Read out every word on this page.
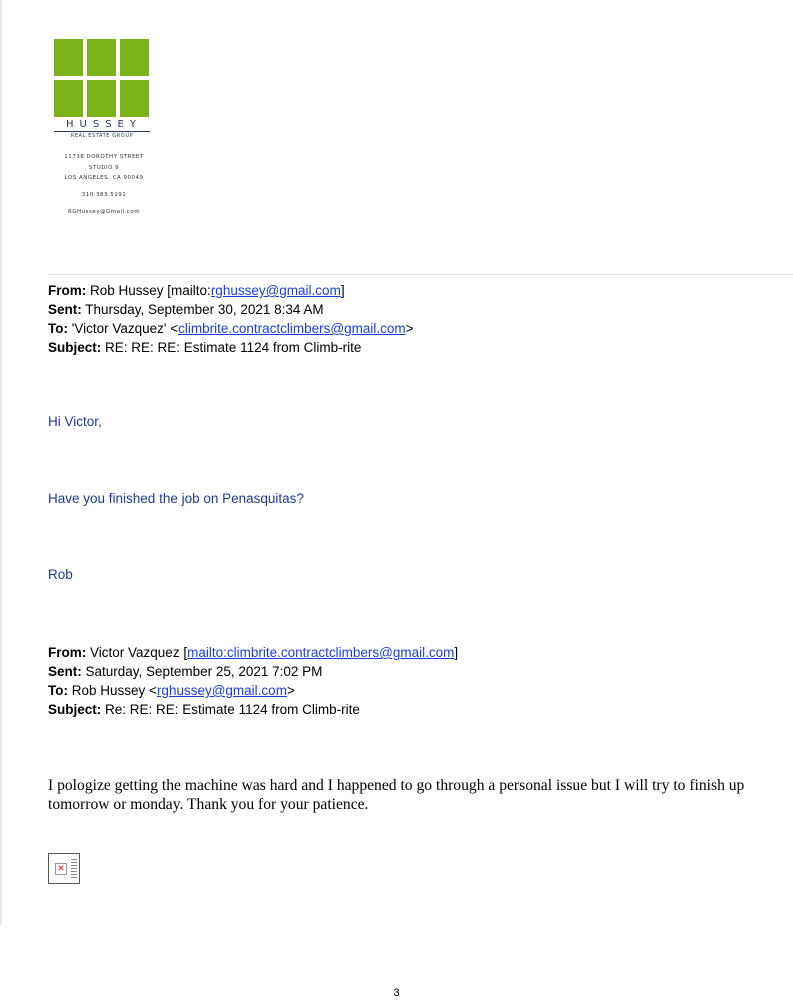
HUSSEY
REAL ESTATE GROUP
11738 DOROTHY STREET
STUDIO 9
LOS ANGELES, CA 90049
310.383.5191
RGHussey@Gmail.com
From: Rob Hussey [mailto:rghussey@gmail.com]
Sent: Thursday, September 30, 2021 8:34 AM
To: 'Victor Vazquez' <climbrite.contractclimbers@gmail.com>
Subject: RE: RE: RE: Estimate 1124 from Climb-rite
Hi Victor,
Have you finished the job on Penasquitas?
Rob
From: Victor Vazquez [mailto:climbrite.contractclimbers@gmail.com]
Sent: Saturday, September 25, 2021 7:02 PM
To: Rob Hussey <rghussey@gmail.com>
Subject: Re: RE: RE: Estimate 1124 from Climb-rite
I pologize getting the machine was hard and I happened to go through a personal issue but I will try to finish up tomorrow or monday. Thank you for your patience.
✕
3
